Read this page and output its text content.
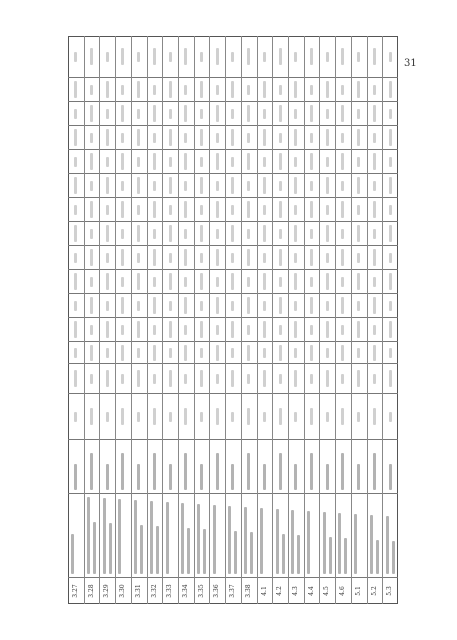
31
3.27	3.28	3.29	3.30	3.31	3.32	3.33	3.34	3.35	3.36	3.37	3.38	4.1	4.2	4.3	4.4	4.5	4.6	5.1	5.2	5.3
